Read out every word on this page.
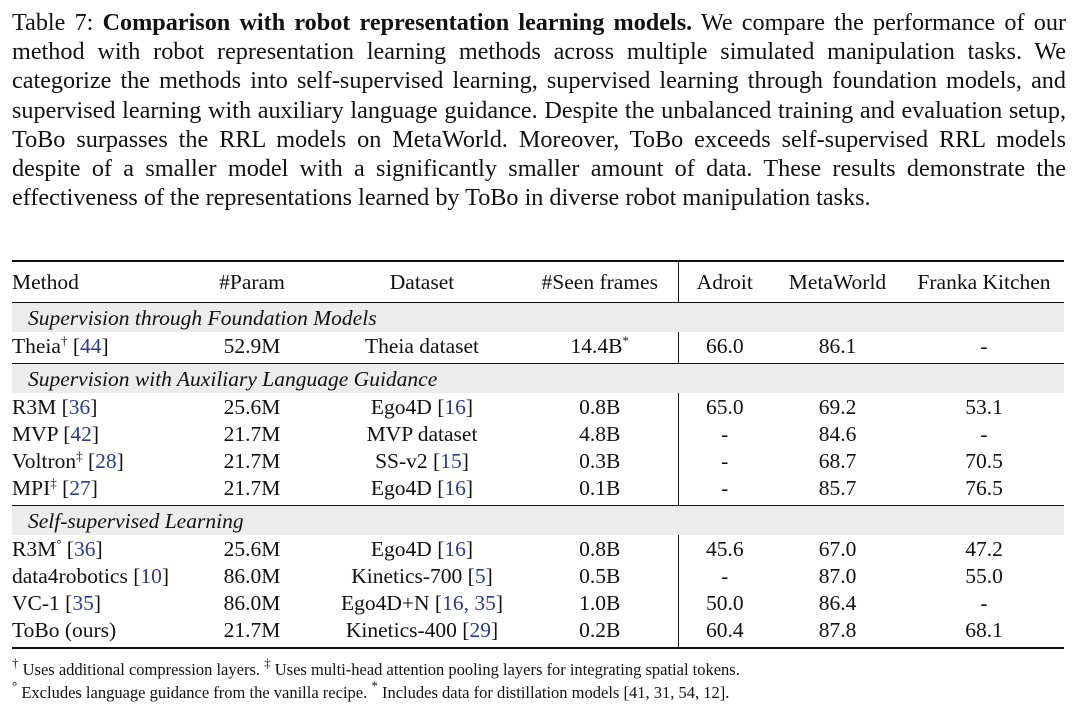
Table 7: Comparison with robot representation learning models. We compare the performance of our method with robot representation learning methods across multiple simulated manipulation tasks. We categorize the methods into self-supervised learning, supervised learning through foundation models, and supervised learning with auxiliary language guidance. Despite the unbalanced training and evaluation setup, ToBo surpasses the RRL models on MetaWorld. Moreover, ToBo exceeds self-supervised RRL models despite of a smaller model with a significantly smaller amount of data. These results demonstrate the effectiveness of the representations learned by ToBo in diverse robot manipulation tasks.
Method	#Param	Dataset	#Seen frames	Adroit	MetaWorld	Franka Kitchen
Supervision through Foundation Models						
Theia† [44]	52.9M	Theia dataset	14.4B*	66.0	86.1	-
Supervision with Auxiliary Language Guidance						
R3M [36]	25.6M	Ego4D [16]	0.8B	65.0	69.2	53.1
MVP [42]	21.7M	MVP dataset	4.8B	-	84.6	-
Voltron‡ [28]	21.7M	SS-v2 [15]	0.3B	-	68.7	70.5
MPI‡ [27]	21.7M	Ego4D [16]	0.1B	-	85.7	76.5
Self-supervised Learning						
R3M° [36]	25.6M	Ego4D [16]	0.8B	45.6	67.0	47.2
data4robotics [10]	86.0M	Kinetics-700 [5]	0.5B	-	87.0	55.0
VC-1 [35]	86.0M	Ego4D+N [16, 35]	1.0B	50.0	86.4	-
ToBo (ours)	21.7M	Kinetics-400 [29]	0.2B	60.4	87.8	68.1
† Uses additional compression layers. ‡ Uses multi-head attention pooling layers for integrating spatial tokens.
° Excludes language guidance from the vanilla recipe. * Includes data for distillation models [41, 31, 54, 12].
